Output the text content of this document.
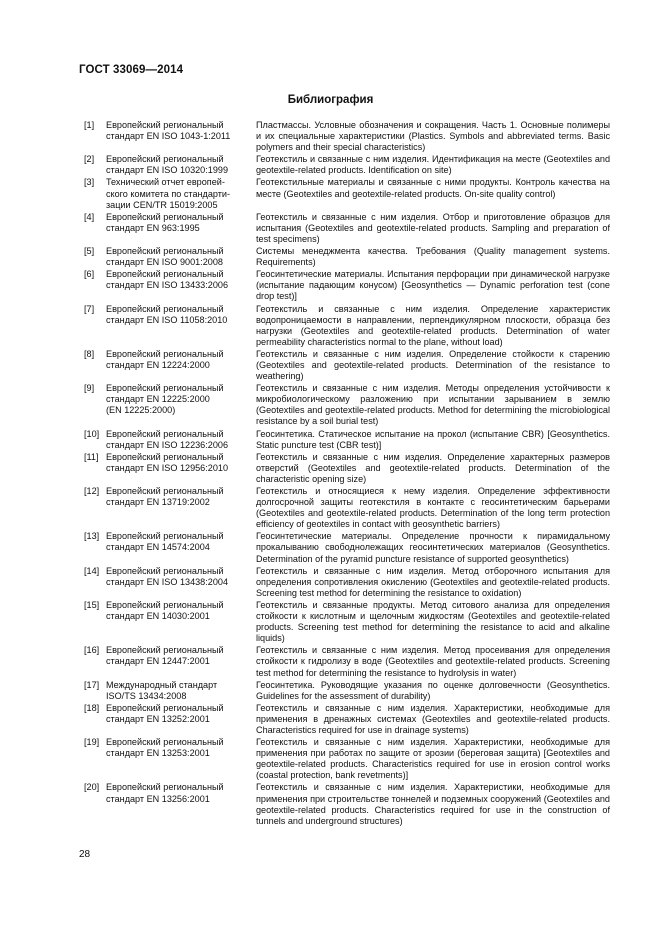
ГОСТ 33069—2014
Библиография
[1]	Европейский региональный
стандарт EN ISO 1043-1:2011
Пластмассы. Условные обозначения и сокращения. Часть 1. Основные полимеры и их специальные характеристики (Plastics. Symbols and abbreviated terms. Basic polymers and their special characteristics)
[2]	Европейский региональный
стандарт EN ISO 10320:1999
Геотекстиль и связанные с ним изделия. Идентификация на месте (Geotextiles and geotextile-related products. Identification on site)
[3]	Технический отчет европей-
ского комитета по стандарти-
зации CEN/TR 15019:2005
Геотекстильные материалы и связанные с ними продукты. Контроль качества на месте (Geotextiles and geotextile-related products. On-site quality control)
[4]	Европейский региональный
стандарт EN 963:1995
Геотекстиль и связанные с ним изделия. Отбор и приготовление образцов для испытания (Geotextiles and geotextile-related products. Sampling and preparation of test specimens)
[5]	Европейский региональный
стандарт EN ISO 9001:2008
Системы менеджмента качества. Требования (Quality management systems. Requirements)
[6]	Европейский региональный
стандарт EN ISO 13433:2006
Геосинтетические материалы. Испытания перфорации при динамической нагрузке (испытание падающим конусом) [Geosynthetics — Dynamic perforation test (cone drop test)]
[7]	Европейский региональный
стандарт EN ISO 11058:2010
Геотекстиль и связанные с ним изделия. Определение характеристик водопроницаемости в направлении, перпендикулярном плоскости, образца без нагрузки (Geotextiles and geotextile-related products. Determination of water permeability characteristics normal to the plane, without load)
[8]	Европейский региональный
стандарт EN 12224:2000
Геотекстиль и связанные с ним изделия. Определение стойкости к старению (Geotextiles and geotextile-related products. Determination of the resistance to weathering)
[9]	Европейский региональный
стандарт EN 12225:2000
(EN 12225:2000)
Геотекстиль и связанные с ним изделия. Методы определения устойчивости к микробиологическому разложению при испытании зарыванием в землю (Geotextiles and geotextile-related products. Method for determining the microbiological resistance by a soil burial test)
[10] Европейский региональный
стандарт EN ISO 12236:2006
Геосинтетика. Статическое испытание на прокол (испытание CBR) [Geosynthetics. Static puncture test (CBR test)]
[11] Европейский региональный
стандарт EN ISO 12956:2010
Геотекстиль и связанные с ним изделия. Определение характерных размеров отверстий (Geotextiles and geotextile-related products. Determination of the characteristic opening size)
[12] Европейский региональный
стандарт EN 13719:2002
Геотекстиль и относящиеся к нему изделия. Определение эффективности долгосрочной защиты геотекстиля в контакте с геосинтетическим барьерами (Geotextiles and geotextile-related products. Determination of the long term protection efficiency of geotextiles in contact with geosynthetic barriers)
[13] Европейский региональный
стандарт EN 14574:2004
Геосинтетические материалы. Определение прочности к пирамидальному прокалыванию свободнолежащих геосинтетических материалов (Geosynthetics. Determination of the pyramid puncture resistance of supported geosynthetics)
[14] Европейский региональный
стандарт EN ISO 13438:2004
Геотекстиль и связанные с ним изделия. Метод отборочного испытания для определения сопротивления окислению (Geotextiles and geotextile-related products. Screening test method for determining the resistance to oxidation)
[15] Европейский региональный
стандарт EN 14030:2001
Геотекстиль и связанные продукты. Метод ситового анализа для определения стойкости к кислотным и щелочным жидкостям (Geotextiles and geotextile-related products. Screening test method for determining the resistance to acid and alkaline liquids)
[16] Европейский региональный
стандарт EN 12447:2001
Геотекстиль и связанные с ним изделия. Метод просеивания для определения стойкости к гидролизу в воде (Geotextiles and geotextile-related products. Screening test method for determining the resistance to hydrolysis in water)
[17] Международный стандарт
ISO/TS 13434:2008
Геосинтетика. Руководящие указания по оценке долговечности (Geosynthetics. Guidelines for the assessment of durability)
[18] Европейский региональный
стандарт EN 13252:2001
Геотекстиль и связанные с ним изделия. Характеристики, необходимые для применения в дренажных системах (Geotextiles and geotextile-related products. Characteristics required for use in drainage systems)
[19] Европейский региональный
стандарт EN 13253:2001
Геотекстиль и связанные с ним изделия. Характеристики, необходимые для применения при работах по защите от эрозии (береговая защита) [Geotextiles and geotextile-related products. Characteristics required for use in erosion control works (coastal protection, bank revetments)]
[20] Европейский региональный
стандарт EN 13256:2001
Геотекстиль и связанные с ним изделия. Характеристики, необходимые для применения при строительстве тоннелей и подземных сооружений (Geotextiles and geotextile-related products. Characteristics required for use in the construction of tunnels and underground structures)
28
